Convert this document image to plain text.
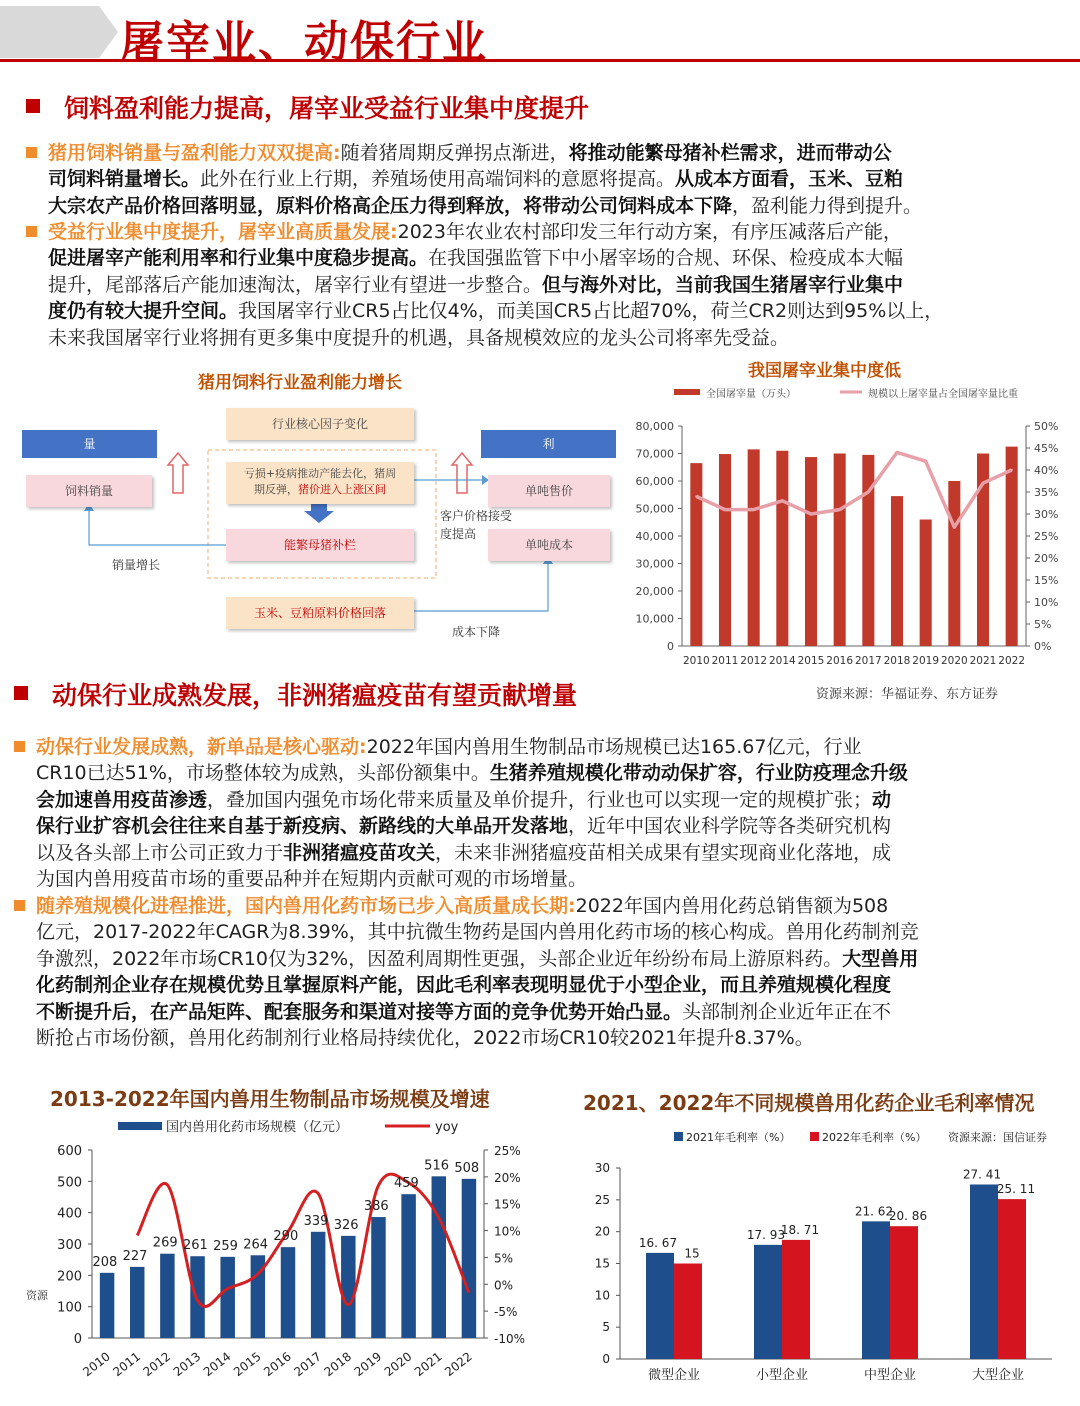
屠宰业、动保行业
饲料盈利能力提高，屠宰业受益行业集中度提升
猪用饲料销量与盈利能力双双提高:随着猪周期反弹拐点渐进，将推动能繁母猪补栏需求，进而带动公
司饲料销量增长。此外在行业上行期，养殖场使用高端饲料的意愿将提高。从成本方面看，玉米、豆粕
大宗农产品价格回落明显，原料价格高企压力得到释放，将带动公司饲料成本下降，盈利能力得到提升。
受益行业集中度提升，屠宰业高质量发展:2023年农业农村部印发三年行动方案，有序压减落后产能，
促进屠宰产能利用率和行业集中度稳步提高。在我国强监管下中小屠宰场的合规、环保、检疫成本大幅
提升，尾部落后产能加速淘汰，屠宰行业有望进一步整合。但与海外对比，当前我国生猪屠宰行业集中
度仍有较大提升空间。我国屠宰行业CR5占比仅4%，而美国CR5占比超70%，荷兰CR2则达到95%以上，
未来我国屠宰行业将拥有更多集中度提升的机遇，具备规模效应的龙头公司将率先受益。
猪用饲料行业盈利能力增长
量	利
行业核心因子变化
饲料销量	单吨售价
单吨成本
亏损+疫病推动产能去化，猪周
期反弹，猪价进入上涨区间
能繁母猪补栏
玉米、豆粕原料价格回落
销量增长
客户价格接受
度提高
成本下降
我国屠宰业集中度低
全国屠宰量（万头）	规模以上屠宰量占全国屠宰量比重
0
10,000
20,000
30,000
40,000
50,000
60,000
70,000
80,000
0%
5%
10%
15%
20%
25%
30%
35%
40%
45%
50%
2010 2011 2012 2014 2015 2016 2017 2018 2019 2020 2021 2022
动保行业成熟发展，非洲猪瘟疫苗有望贡献增量	资源来源：华福证券、东方证券
动保行业发展成熟，新单品是核心驱动:2022年国内兽用生物制品市场规模已达165.67亿元，行业
CR10已达51%，市场整体较为成熟，头部份额集中。生猪养殖规模化带动动保扩容，行业防疫理念升级
会加速兽用疫苗渗透，叠加国内强免市场化带来质量及单价提升，行业也可以实现一定的规模扩张；动
保行业扩容机会往往来自基于新疫病、新路线的大单品开发落地，近年中国农业科学院等各类研究机构
以及各头部上市公司正致力于非洲猪瘟疫苗攻关，未来非洲猪瘟疫苗相关成果有望实现商业化落地，成
为国内兽用疫苗市场的重要品种并在短期内贡献可观的市场增量。
随养殖规模化进程推进，国内兽用化药市场已步入高质量成长期:2022年国内兽用化药总销售额为508
亿元，2017-2022年CAGR为8.39%，其中抗微生物药是国内兽用化药市场的核心构成。兽用化药制剂竞
争激烈，2022年市场CR10仅为32%，因盈利周期性更强，头部企业近年纷纷布局上游原料药。大型兽用
化药制剂企业存在规模优势且掌握原料产能，因此毛利率表现明显优于小型企业，而且养殖规模化程度
不断提升后，在产品矩阵、配套服务和渠道对接等方面的竞争优势开始凸显。头部制剂企业近年正在不
断抢占市场份额，兽用化药制剂行业格局持续优化，2022市场CR10较2021年提升8.37%。
2013-2022年国内兽用生物制品市场规模及增速
资源
国内兽用化药市场规模（亿元）	yoy
0
100
200
300
400
500
600
-10%
-5%
0%
5%
10%
15%
20%
25%
208 227
269 261 259 264
290
339 326
386
459
516 508
2010
2011
2012
2013
2014
2015
2016
2017
2018
2019
2020
2021
2022
2021、2022年不同规模兽用化药企业毛利率情况
2021年毛利率（%）	2022年毛利率（%） 资源来源：国信证券
0
5
10
15
20
25
30
16. 67
15
微型企业
17. 93
18. 71
小型企业
21. 62
20. 86
中型企业
27. 41
25. 11
大型企业
